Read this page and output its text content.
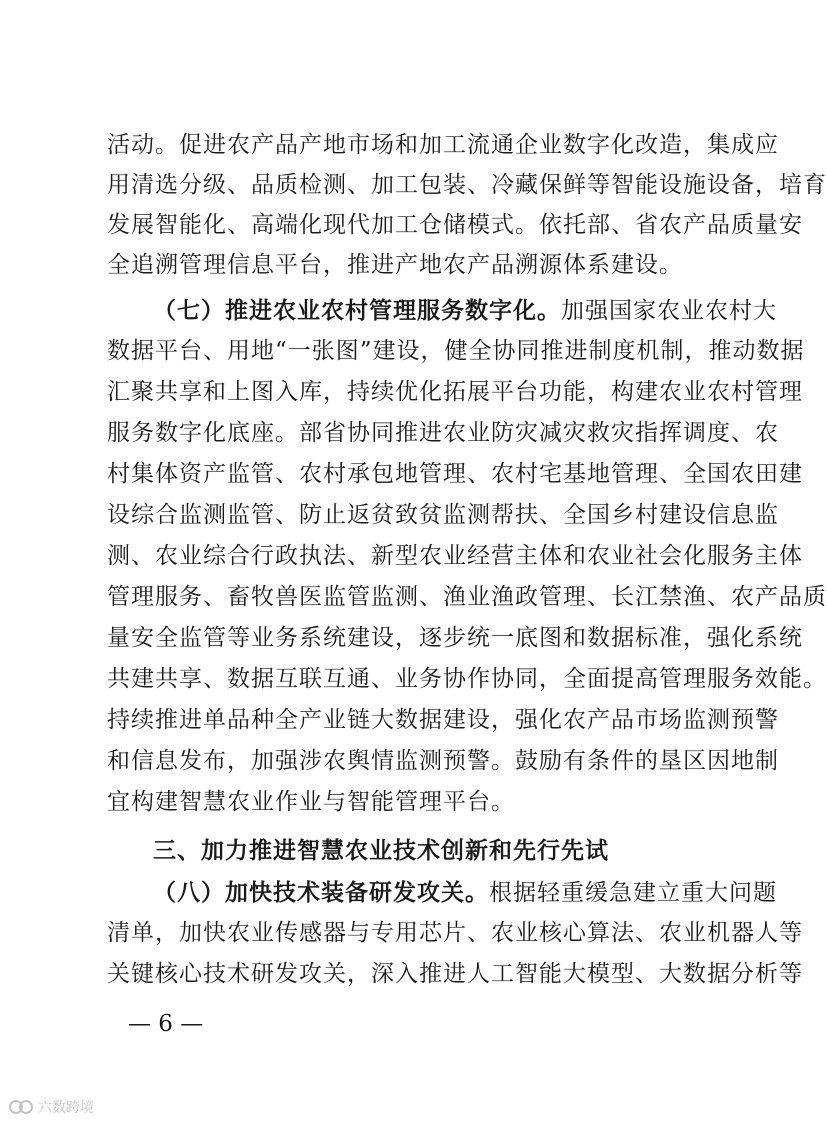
活动。促进农产品产地市场和加工流通企业数字化改造，集成应
用清选分级、品质检测、加工包装、冷藏保鲜等智能设施设备，培育
发展智能化、高端化现代加工仓储模式。依托部、省农产品质量安
全追溯管理信息平台，推进产地农产品溯源体系建设。
（七）推进农业农村管理服务数字化。加强国家农业农村大
数据平台、用地“一张图”建设，健全协同推进制度机制，推动数据
汇聚共享和上图入库，持续优化拓展平台功能，构建农业农村管理
服务数字化底座。部省协同推进农业防灾减灾救灾指挥调度、农
村集体资产监管、农村承包地管理、农村宅基地管理、全国农田建
设综合监测监管、防止返贫致贫监测帮扶、全国乡村建设信息监
测、农业综合行政执法、新型农业经营主体和农业社会化服务主体
管理服务、畜牧兽医监管监测、渔业渔政管理、长江禁渔、农产品质
量安全监管等业务系统建设，逐步统一底图和数据标准，强化系统
共建共享、数据互联互通、业务协作协同，全面提高管理服务效能。
持续推进单品种全产业链大数据建设，强化农产品市场监测预警
和信息发布，加强涉农舆情监测预警。鼓励有条件的垦区因地制
宜构建智慧农业作业与智能管理平台。
三、加力推进智慧农业技术创新和先行先试
（八）加快技术装备研发攻关。根据轻重缓急建立重大问题
清单，加快农业传感器与专用芯片、农业核心算法、农业机器人等
关键核心技术研发攻关，深入推进人工智能大模型、大数据分析等
— 6 —
六数跨境
